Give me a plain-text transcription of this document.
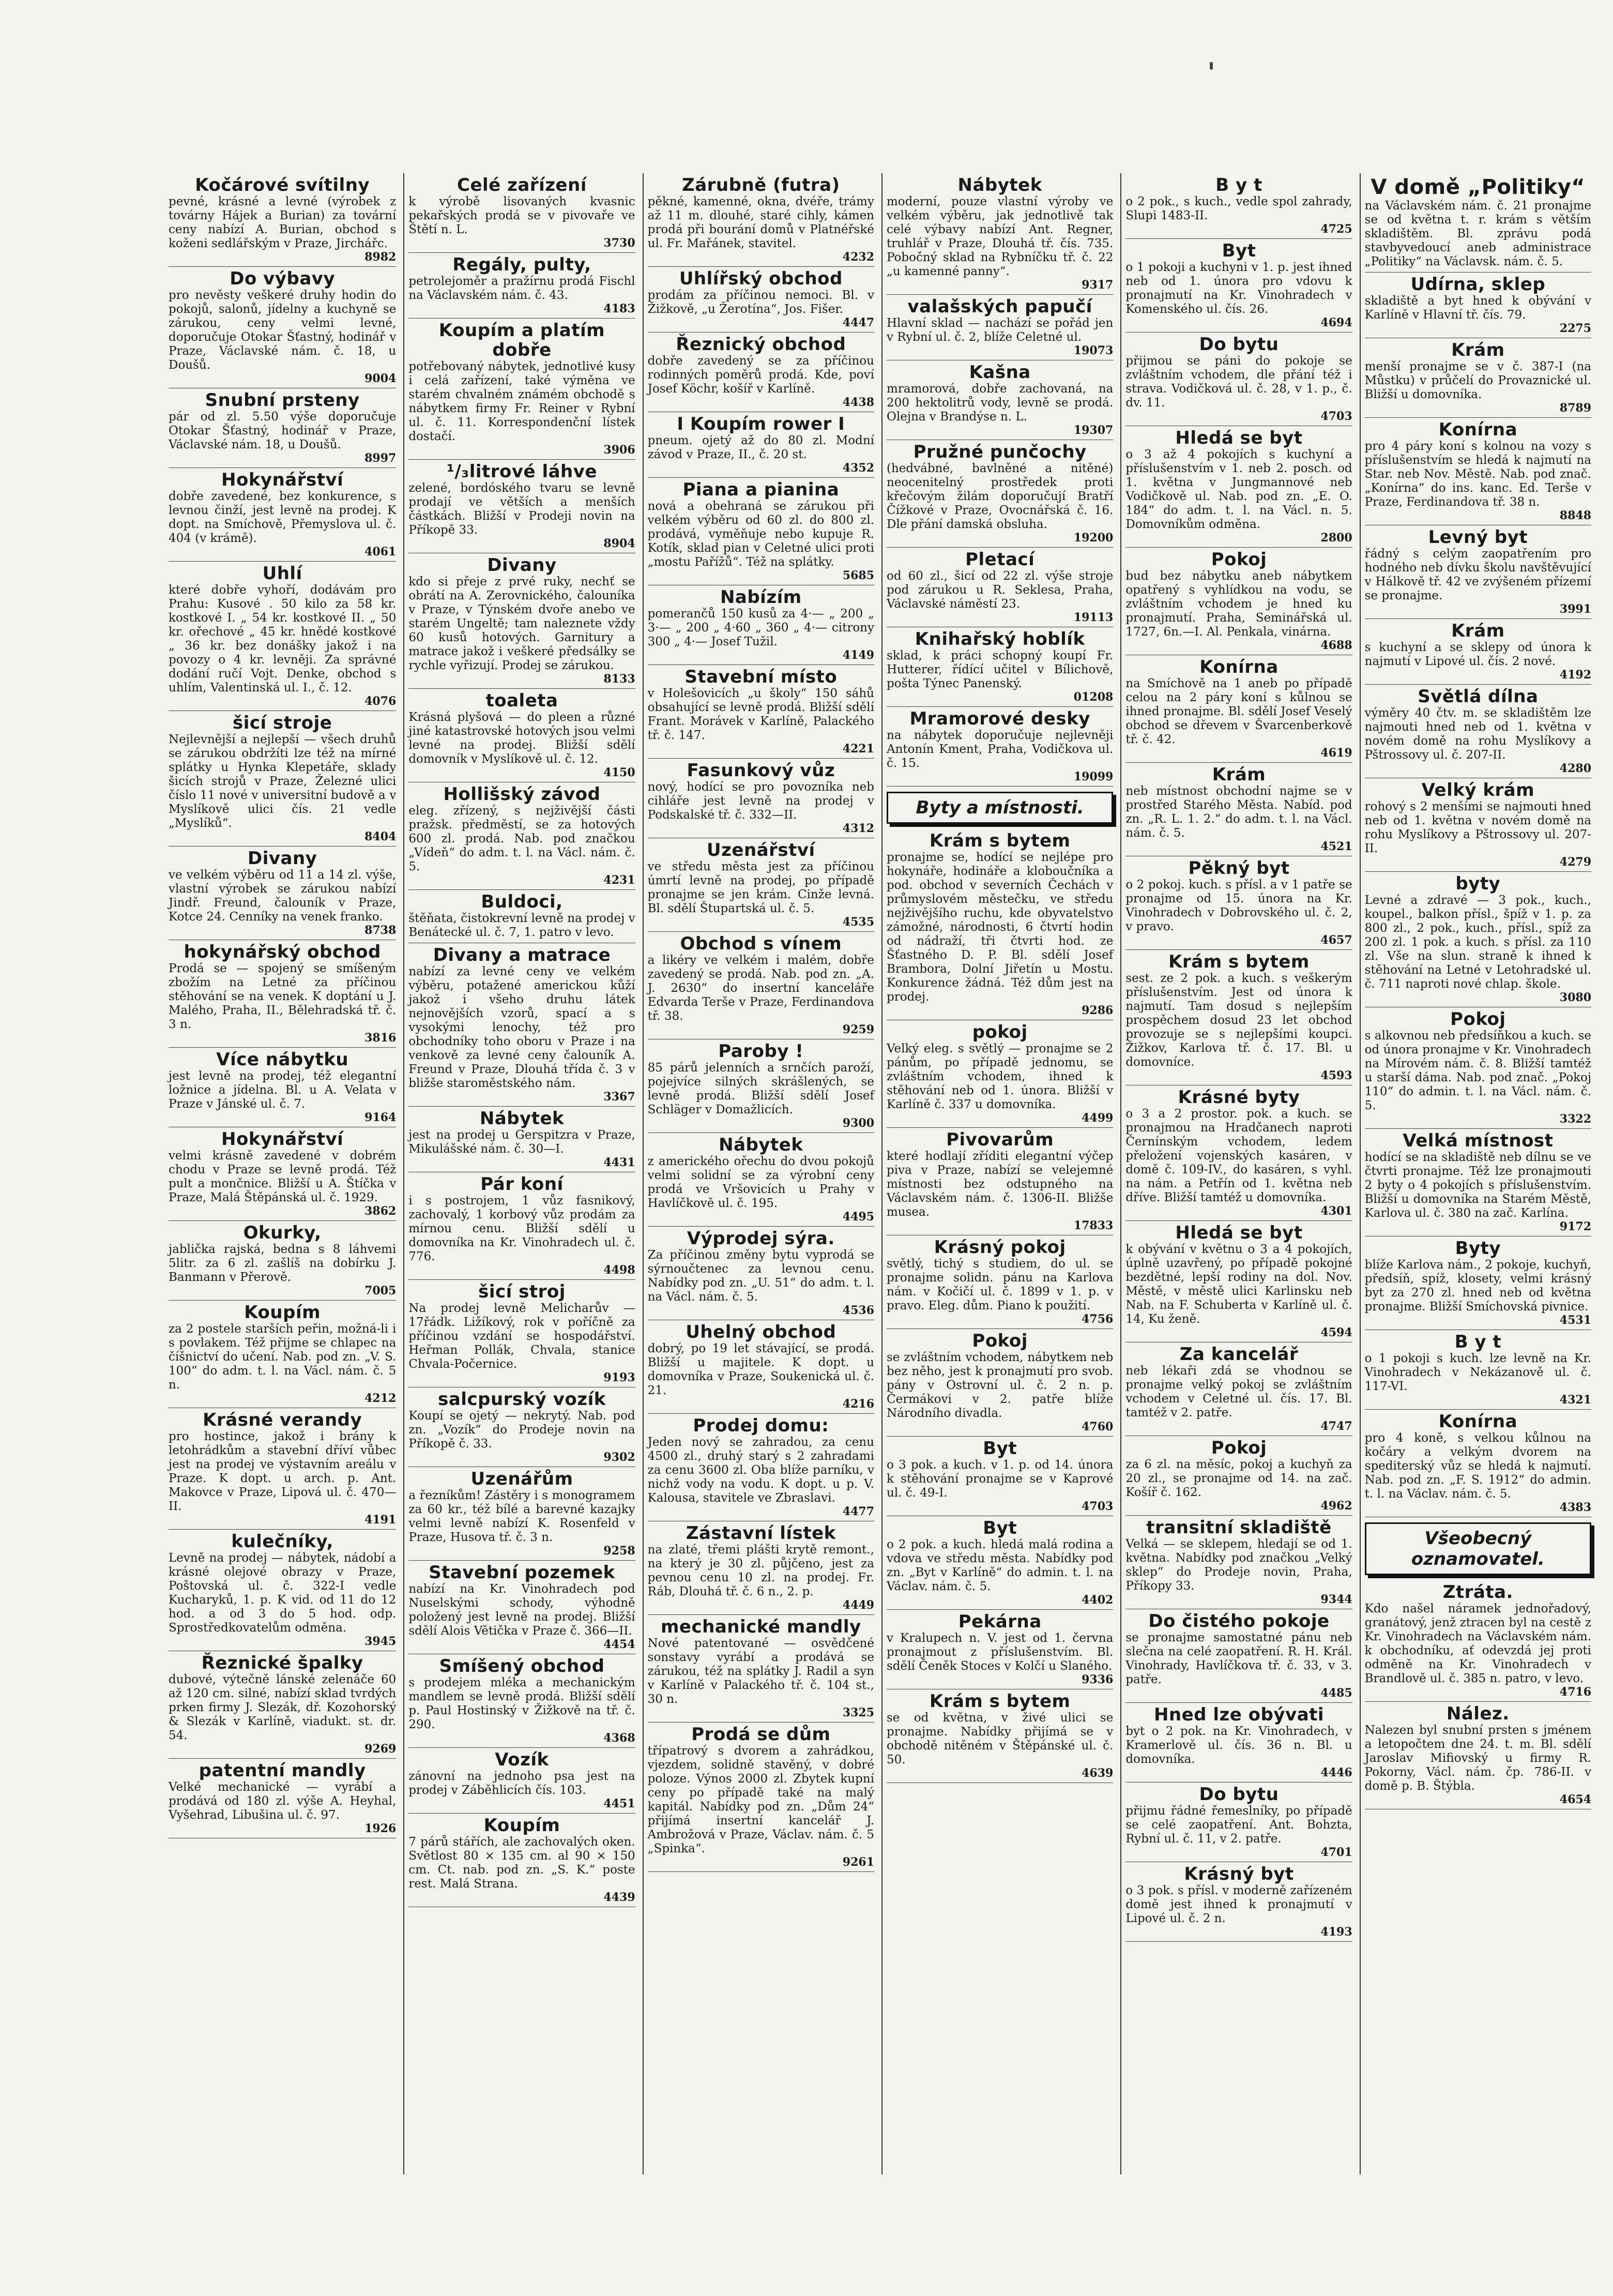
!
Kočárové svítilny
pevné, krásné a levné (výrobek z továrny Hájek a Burian) za tovární ceny nabízí A. Burian, obchod s koženi sedlářským v Praze, Jirchářc.
8982
Do výbavy
pro nevěsty veškeré druhy hodin do pokojů, salonů, jídelny a kuchyně se zárukou, ceny velmi levné, doporučuje Otokar Šťastný, hodinář v Praze, Václavské nám. č. 18, u Doušů.
9004
Snubní prsteny
pár od zl. 5.50 výše doporučuje Otokar Šťastný, hodinář v Praze, Václavské nám. 18, u Doušů.
8997
Hokynářství
dobře zavedené, bez konkurence, s levnou činží, jest levně na prodej. K dopt. na Smíchově, Přemyslova ul. č. 404 (v krámě).
4061
Uhlí
které dobře vyhoří, dodávám pro Prahu: Kusové . 50 kilo za 58 kr. kostkové I. „ 54 kr. kostkové II. „ 50 kr. ořechové „ 45 kr. hnědé kostkové „ 36 kr. bez donášky jakož i na povozy o 4 kr. levněji. Za správné dodání ručí Vojt. Denke, obchod s uhlím, Valentinská ul. I., č. 12.
4076
šicí stroje
Nejlevnější a nejlepší — všech druhů se zárukou obdržíti lze též na mírné splátky u Hynka Klepetáře, sklady šicích strojů v Praze, Železné ulici číslo 11 nové v universitní budově a v Myslíkově ulici čís. 21 vedle „Myslíků“.
8404
Divany
ve velkém výběru od 11 a 14 zl. výše, vlastní výrobek se zárukou nabízí Jindř. Freund, čalouník v Praze, Kotce 24. Cenníky na venek franko.
8738
hokynářský obchod
Prodá se — spojený se smíšeným zbožím na Letné za příčinou stěhování se na venek. K doptání u J. Malého, Praha, II., Bělehradská tř. č. 3 n.
3816
Více nábytku
jest levně na prodej, též elegantní ložnice a jídelna. Bl. u A. Velata v Praze v Jánské ul. č. 7.
9164
Hokynářství
velmi krásně zavedené v dobrém chodu v Praze se levně prodá. Též pult a mončnice. Bližší u A. Štíčka v Praze, Malá Štěpánská ul. č. 1929.
3862
Okurky,
jablička rajská, bedna s 8 láhvemi 5litr. za 6 zl. zašlíš na dobírku J. Banmann v Přerově.
7005
Koupím
za 2 postele starších peřin, možná-li i s povlakem. Též přijme se chlapec na číšnictví do učení. Nab. pod zn. „V. S. 100“ do adm. t. l. na Václ. nám. č. 5 n.
4212
Krásné verandy
pro hostince, jakož i brány k letohrádkům a stavební dříví vůbec jest na prodej ve výstavním areálu v Praze. K dopt. u arch. p. Ant. Makovce v Praze, Lipová ul. č. 470—II.
4191
kulečníky,
Levně na prodej — nábytek, nádobí a krásné olejové obrazy v Praze, Poštovská ul. č. 322-I vedle Kucharyků, 1. p. K vid. od 11 do 12 hod. a od 3 do 5 hod. odp. Sprostředkovatelům odměna.
3945
Řeznické špalky
dubové, výtečně lánské zelenáče 60 až 120 cm. silné, nabízí sklad tvrdých prken firmy J. Slezák, dř. Kozohorský & Slezák v Karlíně, viadukt. st. dr. 54.
9269
patentní mandly
Velké mechanické — vyrábí a prodává od 180 zl. výše A. Heyhal, Vyšehrad, Libušina ul. č. 97.
1926
Celé zařízení
k výrobě lisovaných kvasnic pekařských prodá se v pivovaře ve Štětí n. L.
3730
Regály, pulty,
petrolejoměr a pražírnu prodá Fischl na Václavském nám. č. 43.
4183
Koupím a platím dobře
potřebovaný nábytek, jednotlivé kusy i celá zařízení, také výměna ve starém chvalném známém obchodě s nábytkem firmy Fr. Reiner v Rybní ul. č. 11. Korrespondenční lístek dostačí.
3906
¹/₃litrové láhve
zelené, bordóského tvaru se levně prodají ve větších a menších částkách. Bližší v Prodeji novin na Příkopě 33.
8904
Divany
kdo si přeje z prvé ruky, nechť se obrátí na A. Zerovnického, čalouníka v Praze, v Týnském dvoře anebo ve starém Ungeltě; tam naleznete vždy 60 kusů hotových. Garnitury a matrace jakož i veškeré předsálky se rychle vyřizují. Prodej se zárukou.
8133
toaleta
Krásná plyšová — do pleen a různé jiné katastrovské hotových jsou velmi levné na prodej. Bližší sdělí domovník v Myslíkově ul. č. 12.
4150
Hollišský závod
eleg. zřízený, s nejživější části pražsk. předměstí, se za hotových 600 zl. prodá. Nab. pod značkou „Vídeň“ do adm. t. l. na Václ. nám. č. 5.
4231
Buldoci,
štěňata, čistokrevní levně na prodej v Benátecké ul. č. 7, 1. patro v levo.
Divany a matrace
nabízí za levné ceny ve velkém výběru, potažené americkou kůží jakož i všeho druhu látek nejnovějších vzorů, spací a s vysokými lenochy, též pro obchodníky toho oboru v Praze i na venkově za levné ceny čalouník A. Freund v Praze, Dlouhá třída č. 3 v bližše staroměstského nám.
3367
Nábytek
jest na prodej u Gerspitzra v Praze, Mikulášské nám. č. 30—I.
4431
Pár koní
i s postrojem, 1 vůz fasnikový, zachovalý, 1 korbový vůz prodám za mírnou cenu. Bližší sdělí u domovníka na Kr. Vinohradech ul. č. 776.
4498
šicí stroj
Na prodej levně Melicharův — 17řádk. Ližíkový, rok v poříčně za příčinou vzdání se hospodářství. Heřman Pollák, Chvala, stanice Chvala-Počernice.
9193
salcpurský vozík
Koupí se ojetý — nekrytý. Nab. pod zn. „Vozík“ do Prodeje novin na Příkopě č. 33.
9302
Uzenářům
a řezníkům! Zástěry i s monogramem za 60 kr., též bílé a barevné kazajky velmi levně nabízí K. Rosenfeld v Praze, Husova tř. č. 3 n.
9258
Stavební pozemek
nabízí na Kr. Vinohradech pod Nuselskými schody, výhodně položený jest levně na prodej. Bližší sdělí Alois Větička v Praze č. 366—II.
4454
Smíšený obchod
s prodejem mléka a mechanickým mandlem se levně prodá. Bližší sdělí p. Paul Hostinský v Žižkově na tř. č. 290.
4368
Vozík
zánovní na jednoho psa jest na prodej v Záběhlicích čís. 103.
4451
Koupím
7 párů stářích, ale zachovalých oken. Světlost 80 × 135 cm. al 90 × 150 cm. Ct. nab. pod zn. „S. K.“ poste rest. Malá Strana.
4439
Zárubně (futra)
pěkné, kamenné, okna, dvéře, trámy až 11 m. dlouhé, staré cihly, kámen prodá při bourání domů v Platnéřské ul. Fr. Mařánek, stavitel.
4232
Uhlířský obchod
prodám za příčinou nemoci. Bl. v Žižkově, „u Žerotína“, Jos. Fišer.
4447
Řeznický obchod
dobře zavedený se za příčinou rodinných poměrů prodá. Kde, poví Josef Köchr, košíř v Karlíně.
4438
I Koupím rower I
pneum. ojetý až do 80 zl. Modní závod v Praze, II., č. 20 st.
4352
Piana a pianina
nová a obehraná se zárukou při velkém výběru od 60 zl. do 800 zl. prodává, vyměňuje nebo kupuje R. Kotík, sklad pian v Celetné ulici proti „mostu Pařížů“. Též na splátky.
5685
Nabízím
pomerančů 150 kusů za 4·— „ 200 „ 3·— „ 200 „ 4·60 „ 360 „ 4·— citrony 300 „ 4·— Josef Tužil.
4149
Stavební místo
v Holešovicích „u školy“ 150 sáhů obsahující se levně prodá. Bližší sdělí Frant. Morávek v Karlíně, Palackého tř. č. 147.
4221
Fasunkový vůz
nový, hodící se pro povozníka neb cihláře jest levně na prodej v Podskalské tř. č. 332—II.
4312
Uzenářství
ve středu města jest za příčinou úmrtí levně na prodej, po případě pronajme se jen krám. Cinže levná. Bl. sdělí Štupartská ul. č. 5.
4535
Obchod s vínem
a likéry ve velkém i malém, dobře zavedený se prodá. Nab. pod zn. „A. J. 2630“ do insertní kanceláře Edvarda Terše v Praze, Ferdinandova tř. 38.
9259
Paroby !
85 párů jelenních a srnčích paroží, pojejvíce silných skrášlených, se levně prodá. Bližší sdělí Josef Schläger v Domažlicích.
9300
Nábytek
z amerického ořechu do dvou pokojů velmi solidní se za výrobní ceny prodá ve Vršovicích u Prahy v Havlíčkově ul. č. 195.
4495
Výprodej sýra.
Za příčinou změny bytu vyprodá se sýrnoučtenec za levnou cenu. Nabídky pod zn. „U. 51“ do adm. t. l. na Václ. nám. č. 5.
4536
Uhelný obchod
dobrý, po 19 let stávající, se prodá. Bližší u majitele. K dopt. u domovníka v Praze, Soukenická ul. č. 21.
4216
Prodej domu:
Jeden nový se zahradou, za cenu 4500 zl., druhý starý s 2 zahradami za cenu 3600 zl. Oba blíže parníku, v nichž vody na vodu. K dopt. u p. V. Kalousa, stavitele ve Zbraslavi.
4477
Zástavní lístek
na zlaté, třemi plášti krytě remont., na který je 30 zl. půjčeno, jest za pevnou cenu 10 zl. na prodej. Fr. Ráb, Dlouhá tř. č. 6 n., 2. p.
4449
mechanické mandly
Nové patentované — osvědčené sonstavy vyrábí a prodává se zárukou, též na splátky J. Radil a syn v Karlíně v Palackého tř. č. 104 st., 30 n.
3325
Prodá se dům
třípatrový s dvorem a zahrádkou, vjezdem, solidně stavěný, v dobré poloze. Výnos 2000 zl. Zbytek kupní ceny po případě také na malý kapitál. Nabídky pod zn. „Dům 24“ přijímá insertní kancelář J. Ambrožová v Praze, Václav. nám. č. 5 „Spinka“.
9261
Nábytek
moderní, pouze vlastní výroby ve velkém výběru, jak jednotlivě tak celé výbavy nabízí Ant. Regner, truhlář v Praze, Dlouhá tř. čís. 735. Pobočný sklad na Rybníčku tř. č. 22 „u kamenné panny“.
9317
valašských papučí
Hlavní sklad — nachází se pořád jen v Rybní ul. č. 2, blíže Celetné ul.
19073
Kašna
mramorová, dobře zachovaná, na 200 hektolitrů vody, levně se prodá. Olejna v Brandýse n. L.
19307
Pružné punčochy
(hedvábné, bavlněné a nitěné) neocenitelný prostředek proti křečovým žilám doporučují Bratří Čížkové v Praze, Ovocnářská č. 16. Dle přání damská obsluha.
19200
Pletací
od 60 zl., šicí od 22 zl. výše stroje pod zárukou u R. Seklesa, Praha, Václavské náměstí 23.
19113
Knihařský hoblík
sklad, k práci schopný koupí Fr. Hutterer, řídící učitel v Bílichově, pošta Týnec Panenský.
01208
Mramorové desky
na nábytek doporučuje nejlevněji Antonín Kment, Praha, Vodičkova ul. č. 15.
19099
Byty a místnosti.
Krám s bytem
pronajme se, hodící se nejlépe pro hokynáře, hodináře a kloboučníka a pod. obchod v severních Čechách v průmyslovém městečku, ve středu nejživějšího ruchu, kde obyvatelstvo zámožné, národnosti, 6 čtvrtí hodin od nádraží, tři čtvrti hod. ze Šťastného D. P. Bl. sdělí Josef Brambora, Dolní Jiřetín u Mostu. Konkurence žádná. Též dům jest na prodej.
9286
pokoj
Velký eleg. s světlý — pronajme se 2 pánům, po případě jednomu, se zvláštním vchodem, ihned k stěhování neb od 1. února. Bližší v Karlíně č. 337 u domovníka.
4499
Pivovarům
které hodlají zříditi elegantní výčep piva v Praze, nabízí se velejemné místnosti bez odstupného na Václavském nám. č. 1306-II. Bližše musea.
17833
Krásný pokoj
světlý, tichý s studiem, do ul. se pronajme solidn. pánu na Karlova nám. v Kočičí ul. č. 1899 v 1. p. v pravo. Eleg. dům. Piano k použití.
4756
Pokoj
se zvláštním vchodem, nábytkem neb bez něho, jest k pronajmutí pro svob. pány v Ostrovní ul. č. 2 n. p. Čermákovi v 2. patře blíže Národního divadla.
4760
Byt
o 3 pok. a kuch. v 1. p. od 14. února k stěhování pronajme se v Kaprové ul. č. 49-I.
4703
Byt
o 2 pok. a kuch. hledá malá rodina a vdova ve středu města. Nabídky pod zn. „Byt v Karlíně“ do admin. t. l. na Václav. nám. č. 5.
4402
Pekárna
v Kralupech n. V. jest od 1. června pronajmout z příslušenstvím. Bl. sdělí Čeněk Stoces v Kolčí u Slaného.
9336
Krám s bytem
se od května, v živé ulici se pronajme. Nabídky přijímá se v obchodě nitěném v Štěpánské ul. č. 50.
4639
B y t
o 2 pok., s kuch., vedle spol zahrady, Slupi 1483-II.
4725
Byt
o 1 pokoji a kuchyni v 1. p. jest ihned neb od 1. února pro vdovu k pronajmutí na Kr. Vinohradech v Komenského ul. čís. 26.
4694
Do bytu
přijmou se páni do pokoje se zvláštním vchodem, dle přání též i strava. Vodičková ul. č. 28, v 1. p., č. dv. 11.
4703
Hledá se byt
o 3 až 4 pokojích s kuchyní a příslušenstvím v 1. neb 2. posch. od 1. května v Jungmannové neb Vodičkově ul. Nab. pod zn. „E. O. 184“ do adm. t. l. na Václ. n. 5. Domovníkům odměna.
2800
Pokoj
bud bez nábytku aneb nábytkem opatřený s vyhlídkou na vodu, se zvláštním vchodem je hned ku pronajmutí. Praha, Seminářská ul. 1727, 6n.—I. Al. Penkala, vinárna.
4688
Konírna
na Smíchově na 1 aneb po případě celou na 2 páry koní s kůlnou se ihned pronajme. Bl. sdělí Josef Veselý obchod se dřevem v Švarcenberkově tř. č. 42.
4619
Krám
neb místnost obchodní najme se v prostřed Starého Města. Nabíd. pod zn. „R. L. 1. 2.“ do adm. t. l. na Václ. nám. č. 5.
4521
Pěkný byt
o 2 pokoj. kuch. s přísl. a v 1 patře se pronajme od 15. února na Kr. Vinohradech v Dobrovského ul. č. 2, v pravo.
4657
Krám s bytem
sest. ze 2 pok. a kuch. s veškerým příslušenstvím. Jest od února k najmutí. Tam dosud s nejlepším prospěchem dosud 23 let obchod provozuje se s nejlepšími koupci. Žižkov, Karlova tř. č. 17. Bl. u domovníce.
4593
Krásné byty
o 3 a 2 prostor. pok. a kuch. se pronajmou na Hradčanech naproti Černínským vchodem, ledem přeložení vojenských kasáren, v domě č. 109-IV., do kasáren, s vyhl. na nám. a Petřín od 1. května neb dříve. Bližší tamtéž u domovníka.
4301
Hledá se byt
k obývání v květnu o 3 a 4 pokojích, úplně uzavřený, po případě pokojné bezdětné, lepší rodiny na dol. Nov. Městě, v městě ulici Karlinsku neb Nab. na F. Schuberta v Karlíně ul. č. 14, Ku ženě.
4594
Za kancelář
neb lékaři zdá se vhodnou se pronajme velký pokoj se zvláštním vchodem v Celetné ul. čís. 17. Bl. tamtéž v 2. patře.
4747
Pokoj
za 6 zl. na měsíc, pokoj a kuchyň za 20 zl., se pronajme od 14. na zač. Košíř č. 162.
4962
transitní skladiště
Velká — se sklepem, hledají se od 1. května. Nabídky pod značkou „Velký sklep“ do Prodeje novin, Praha, Příkopy 33.
9344
Do čistého pokoje
se pronajme samostatné pánu neb slečna na celé zaopatření. R. H. Král. Vinohrady, Havlíčkova tř. č. 33, v 3. patře.
4485
Hned lze obývati
byt o 2 pok. na Kr. Vinohradech, v Kramerlově ul. čís. 36 n. Bl. u domovníka.
4446
Do bytu
přijmu řádné řemeslníky, po případě se celé zaopatření. Ant. Bohzta, Rybní ul. č. 11, v 2. patře.
4701
Krásný byt
o 3 pok. s přísl. v moderně zařízeném domě jest ihned k pronajmutí v Lipové ul. č. 2 n.
4193
V domě „Politiky“
na Václavském nám. č. 21 pronajme se od května t. r. krám s větším skladištěm. Bl. zprávu podá stavbyvedoucí aneb administrace „Politiky“ na Václavsk. nám. č. 5.
Udírna, sklep
skladiště a byt hned k obývání v Karlíně v Hlavní tř. čís. 79.
2275
Krám
menší pronajme se v č. 387-I (na Můstku) v průčelí do Provaznické ul. Bližší u domovníka.
8789
Konírna
pro 4 páry koní s kolnou na vozy s příslušenstvím se hledá k najmutí na Star. neb Nov. Městě. Nab. pod znač. „Konírna“ do ins. kanc. Ed. Terše v Praze, Ferdinandova tř. 38 n.
8848
Levný byt
řádný s celým zaopatřením pro hodného neb dívku školu navštěvující v Hálkově tř. 42 ve zvýšeném přízemí se pronajme.
3991
Krám
s kuchyní a se sklepy od února k najmutí v Lipové ul. čís. 2 nové.
4192
Světlá dílna
výměry 40 čtv. m. se skladištěm lze najmouti hned neb od 1. května v novém domě na rohu Myslíkovy a Pštrossovy ul. č. 207-II.
4280
Velký krám
rohový s 2 menšími se najmouti hned neb od 1. května v novém domě na rohu Myslíkovy a Pštrossovy ul. 207-II.
4279
byty
Levné a zdravé — 3 pok., kuch., koupel., balkon přísl., špíž v 1. p. za 800 zl., 2 pok., kuch., přísl., spíž za 200 zl. 1 pok. a kuch. s přísl. za 110 zl. Vše na slun. straně k ihned k stěhování na Letné v Letohradské ul. č. 711 naproti nové chlap. škole.
3080
Pokoj
s alkovnou neb předsíňkou a kuch. se od února pronajme v Kr. Vinohradech na Mírovém nám. č. 8. Bližší tamtéž u starší dáma. Nab. pod znač. „Pokoj 110“ do admin. t. l. na Václ. nám. č. 5.
3322
Velká místnost
hodící se na skladiště neb dílnu se ve čtvrti pronajme. Též lze pronajmouti 2 byty o 4 pokojích s příslušenstvím. Bližší u domovníka na Starém Městě, Karlova ul. č. 380 na zač. Karlína.
9172
Byty
blíže Karlova nám., 2 pokoje, kuchyň, předsíň, spíž, klosety, velmi krásný byt za 270 zl. hned neb od května pronajme. Bližší Smíchovská pivnice.
4531
B y t
o 1 pokoji s kuch. lze levně na Kr. Vinohradech v Nekázanově ul. č. 117-VI.
4321
Konírna
pro 4 koně, s velkou kůlnou na kočáry a velkým dvorem na spediterský vůz se hledá k najmutí. Nab. pod zn. „F. S. 1912“ do admin. t. l. na Václav. nám. č. 5.
4383
Všeobecný oznamovatel.
Ztráta.
Kdo našel náramek jednořadový, granátový, jenž ztracen byl na cestě z Kr. Vinohradech na Václavském nám. k obchodníku, ať odevzdá jej proti odměně na Kr. Vinohradech v Brandlově ul. č. 385 n. patro, v levo.
4716
Nález.
Nalezen byl snubní prsten s jménem a letopočtem dne 24. t. m. Bl. sdělí Jaroslav Mifiovský u firmy R. Pokorny, Václ. nám. čp. 786-II. v domě p. B. Štýbla.
4654
